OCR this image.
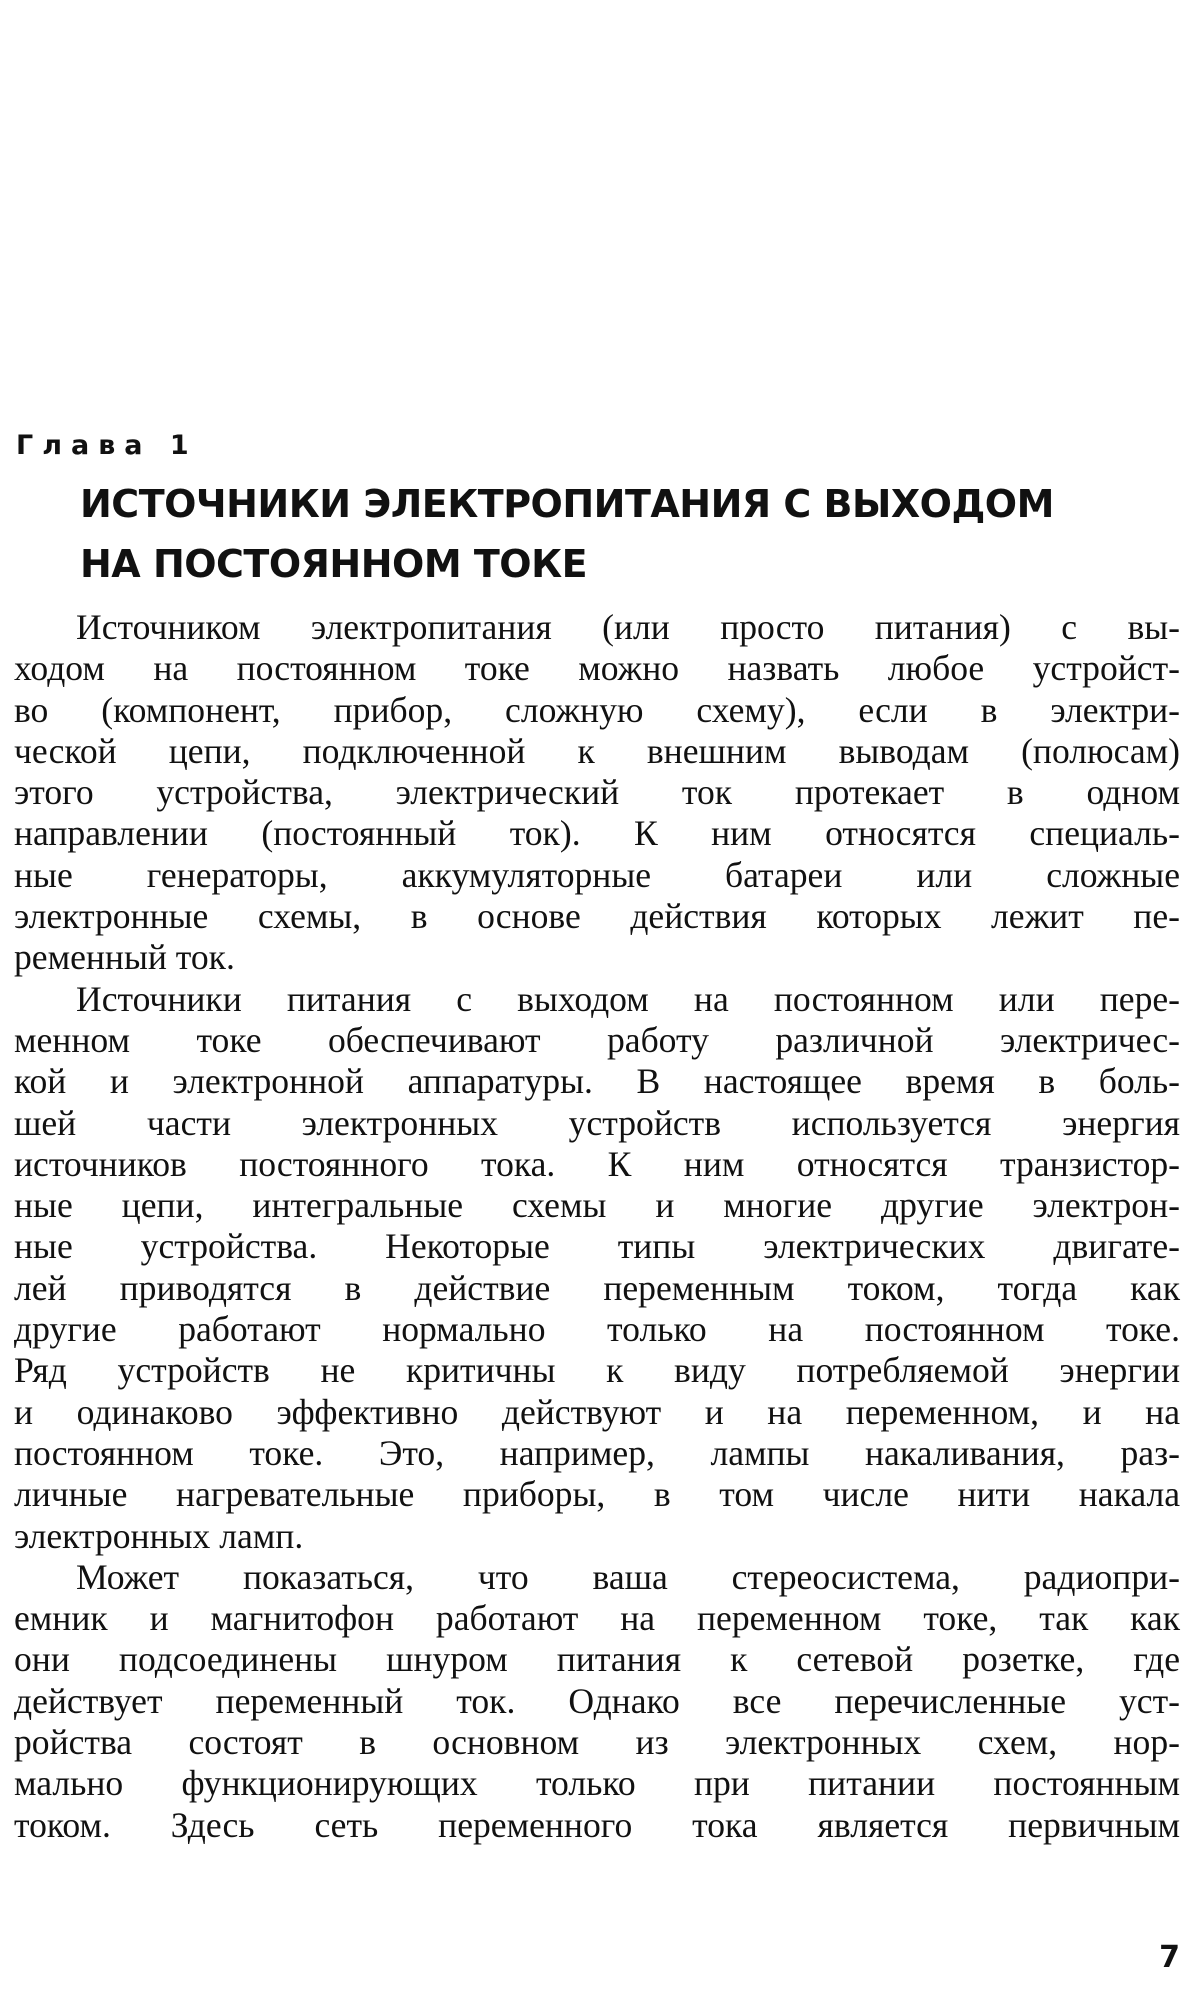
Глава 1
ИСТОЧНИКИ ЭЛЕКТРОПИТАНИЯ С ВЫХОДОМ
НА ПОСТОЯННОМ ТОКЕ

Источником электропитания (или просто питания) с вы-
ходом на постоянном токе можно назвать любое устройст-
во (компонент, прибор, сложную схему), если в электри-
ческой цепи, подключенной к внешним выводам (полюсам)
этого устройства, электрический ток протекает в одном
направлении (постоянный ток). К ним относятся специаль-
ные генераторы, аккумуляторные батареи или сложные
электронные схемы, в основе действия которых лежит пе-
ременный ток.

Источники питания с выходом на постоянном или пере-
менном токе обеспечивают работу различной электричес-
кой и электронной аппаратуры. В настоящее время в боль-
шей части электронных устройств используется энергия
источников постоянного тока. К ним относятся транзистор-
ные цепи, интегральные схемы и многие другие электрон-
ные устройства. Некоторые типы электрических двигате-
лей приводятся в действие переменным током, тогда как
другие работают нормально только на постоянном токе.
Ряд устройств не критичны к виду потребляемой энергии
и одинаково эффективно действуют и на переменном, и на
постоянном токе. Это, например, лампы накаливания, раз-
личные нагревательные приборы, в том числе нити накала
электронных ламп.

Может показаться, что ваша стереосистема, радиопри-
емник и магнитофон работают на переменном токе, так как
они подсоединены шнуром питания к сетевой розетке, где
действует переменный ток. Однако все перечисленные уст-
ройства состоят в основном из электронных схем, нор-
мально функционирующих только при питании постоянным
током. Здесь сеть переменного тока является первичным

7
